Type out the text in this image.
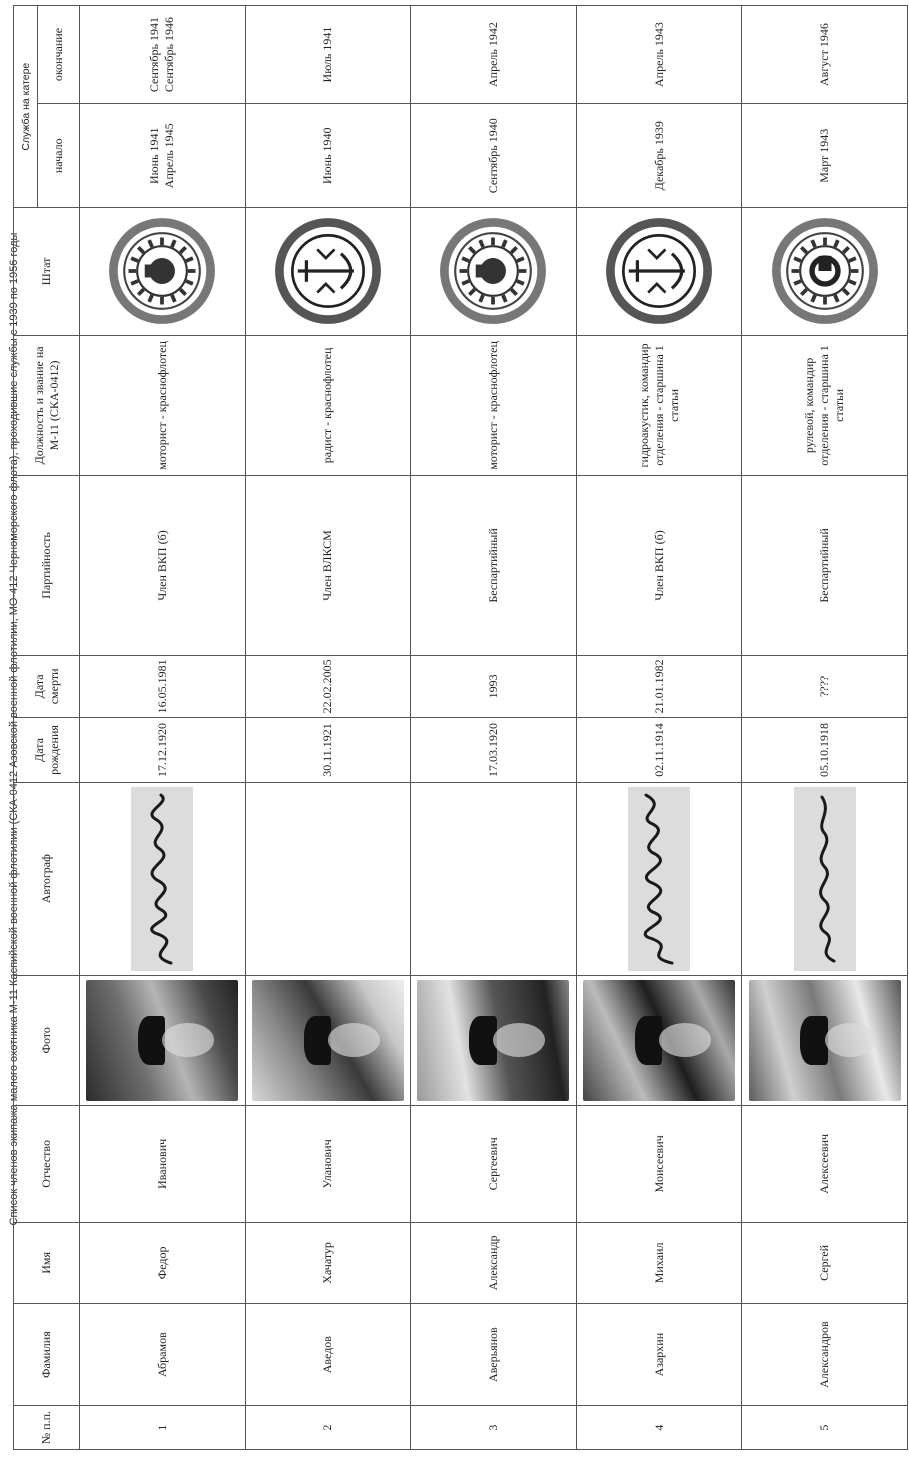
Список членов экипажа малого охотника М-11 Каспийской военной флотилии (СКА-0412 Азовской военной флотилии, МО-412 Черноморского флота), проходившие службы с 1939 по 1956 годы
№ п.п.	Фамилия	Имя	Отчество	Фото	Автограф	Дата рождения	Дата смерти	Партийность	Должность и звание на М-11 (СКА-0412)	Штат	Служба на катере	
											начало	окончание
1	Абрамов	Федор	Иванович			17.12.1920	16.05.1981	Член ВКП (б)	моторист - краснофлотец		Июнь 1941 Апрель 1945	Сентябрь 1941 Сентябрь 1946
2	Аведов	Хачатур	Уланович			30.11.1921	22.02.2005	Член ВЛКСМ	радист - краснофлотец		Июнь 1940	Июль 1941
3	Аверьянов	Александр	Сергеевич			17.03.1920	1993	Беспартийный	моторист - краснофлотец		Сентябрь 1940	Апрель 1942
4	Азархин	Михаил	Моисеевич			02.11.1914	21.01.1982	Член ВКП (б)	гидроакустик, командир отделения - старшина 1 статьи		Декабрь 1939	Апрель 1943
5	Александров	Сергей	Алексеевич			05.10.1918	????	Беспартийный	рулевой, командир отделения - старшина 1 статьи		Март 1943	Август 1946
